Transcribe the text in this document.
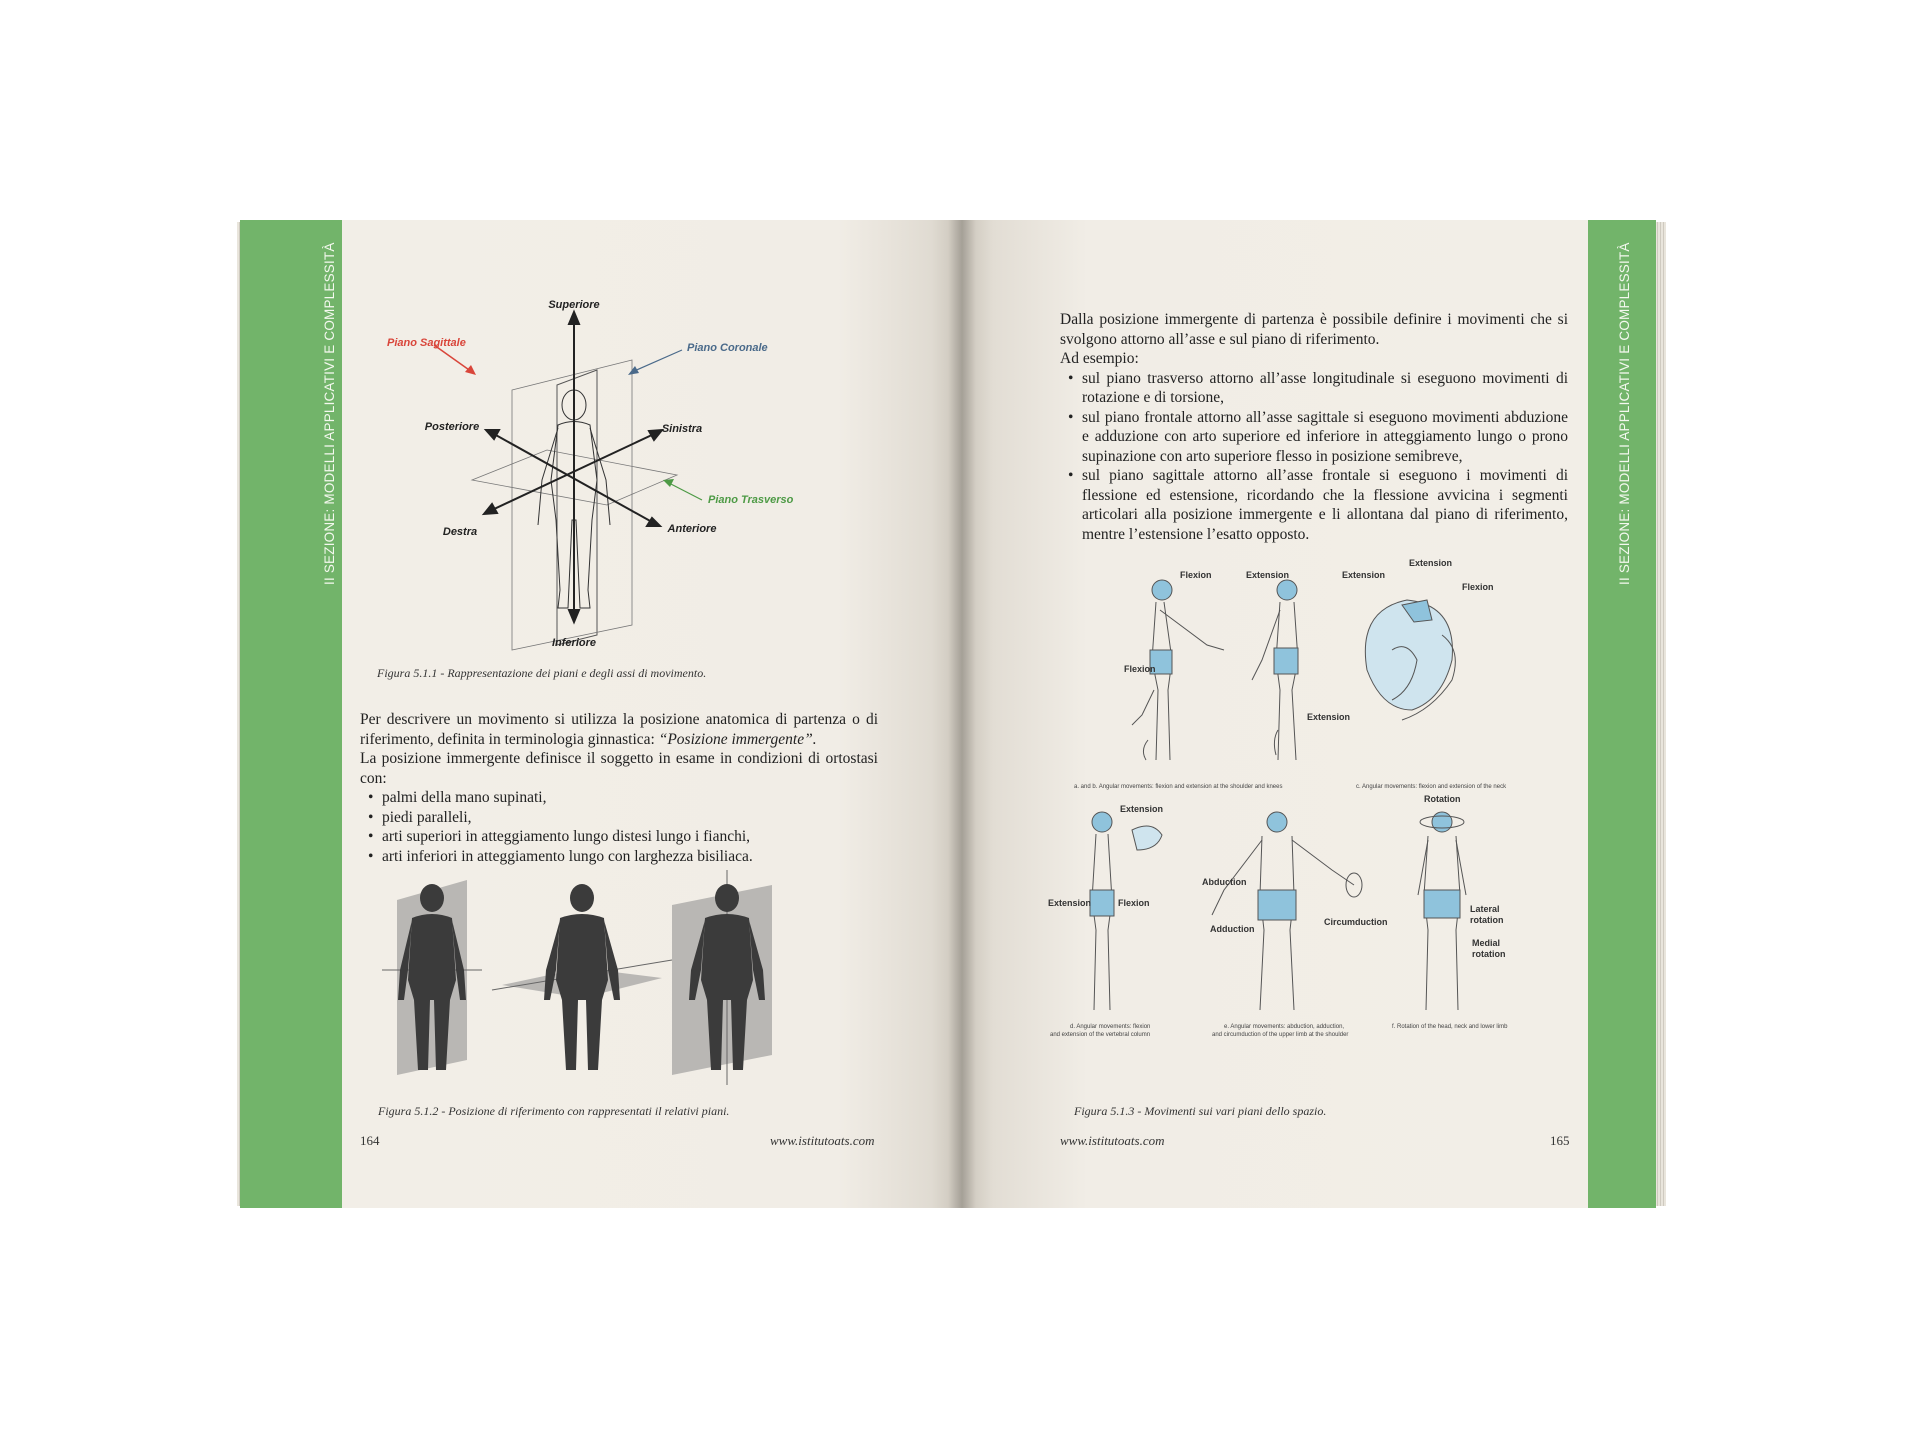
II SEZIONE: MODELLI APPLICATIVI E COMPLESSITÀ	II SEZIONE: MODELLI APPLICATIVI E COMPLESSITÀ
Superiore
Inferiore
Posteriore
Anteriore
Destra
Sinistra
Piano Sagittale	Piano Coronale
Piano Trasverso
Figura 5.1.1 - Rappresentazione dei piani e degli assi di movimento.

Per descrivere un movimento si utilizza la posizione anatomica di partenza o di riferimento, definita in terminologia ginnastica: “Posizione immergente”.

La posizione immergente definisce il soggetto in esame in condizioni di ortostasi con:

• palmi della mano supinati,
• piedi paralleli,
• arti superiori in atteggiamento lungo distesi lungo i fianchi,
• arti inferiori in atteggiamento lungo con larghezza bisiliaca.
Figura 5.1.2 - Posizione di riferimento con rappresentati il relativi piani.
164	www.istitutoats.com

Dalla posizione immergente di partenza è possibile definire i movimenti che si svolgono attorno all’asse e sul piano di riferimento.

Ad esempio:

• sul piano trasverso attorno all’asse longitudinale si eseguono movimenti di rotazione e di torsione,
• sul piano frontale attorno all’asse sagittale si eseguono movimenti abduzione e adduzione con arto superiore ed inferiore in atteggiamento lungo o prono supinazione con arto superiore flesso in posizione semibreve,
• sul piano sagittale attorno all’asse frontale si eseguono i movimenti di flessione ed estensione, ricordando che la flessione avvicina i segmenti articolari alla posizione immergente e li allontana dal piano di riferimento, mentre l’estensione l’esatto opposto.
Flexion
Flexion
Extension
Extension
Extension
Extension
Flexion
a. and b. Angular movements: flexion and extension at the shoulder and knees	c. Angular movements: flexion and extension of the neck
Extension
Extension	Flexion
Abduction
Adduction
Circumduction
Rotation
Lateral
rotation
Medial
rotation
d. Angular movements: flexion
and extension of the vertebral column
e. Angular movements: abduction, adduction,
and circumduction of the upper limb at the shoulder
f. Rotation of the head, neck and lower limb
Figura 5.1.3 - Movimenti sui vari piani dello spazio.
www.istitutoats.com	165
